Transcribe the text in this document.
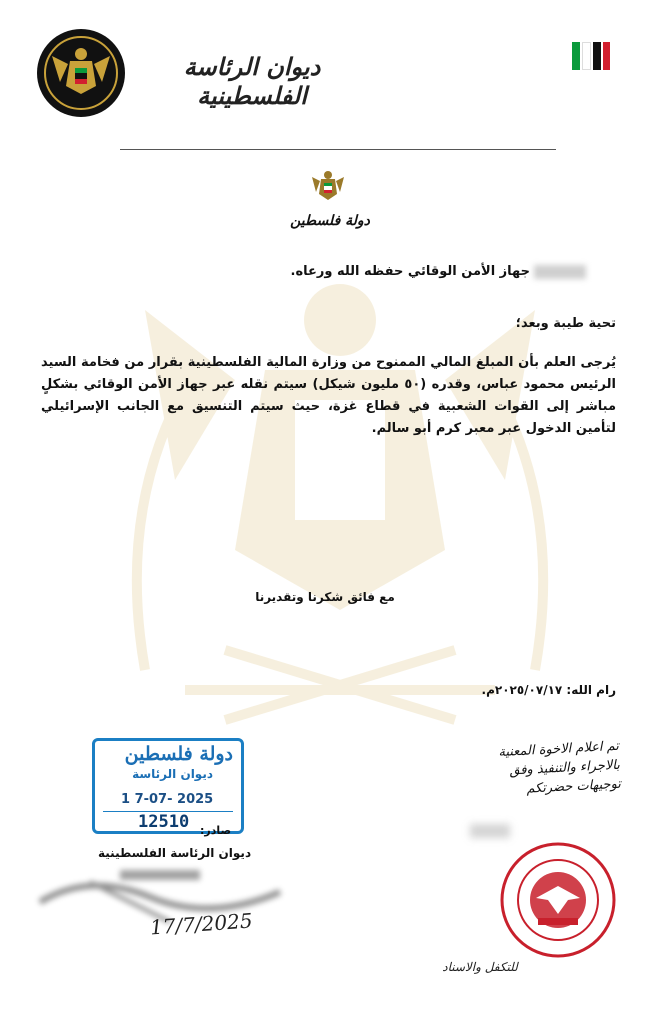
ديوان الرئاسة الفلسطينية
دولة فلسطين
جهاز الأمن الوقائي حفظه الله ورعاه.
تحية طيبة وبعد؛
يُرجى العلم بأن المبلغ المالي الممنوح من وزارة المالية الفلسطينية بقرار من فخامة السيد الرئيس محمود عباس، وقدره (٥٠ مليون شيكل) سيتم نقله عبر جهاز الأمن الوقائي بشكلٍ مباشر إلى القوات الشعبية في قطاع غزة، حيث سيتم التنسيق مع الجانب الإسرائيلي لتأمين الدخول عبر معبر كرم أبو سالم.
مع فائق شكرنا وتقديرنا
رام الله: ٢٠٢٥/٠٧/١٧م.
دولة فلسطين
ديوان الرئاسة
1 7-07- 2025
12510 صادر:
ديوان الرئاسة الفلسطينية
17/7/2025
تم اعلام الاخوة المعنية
بالاجراء والتنفيذ وفق
توجيهات حضرتكم
للتكفل والاسناد
